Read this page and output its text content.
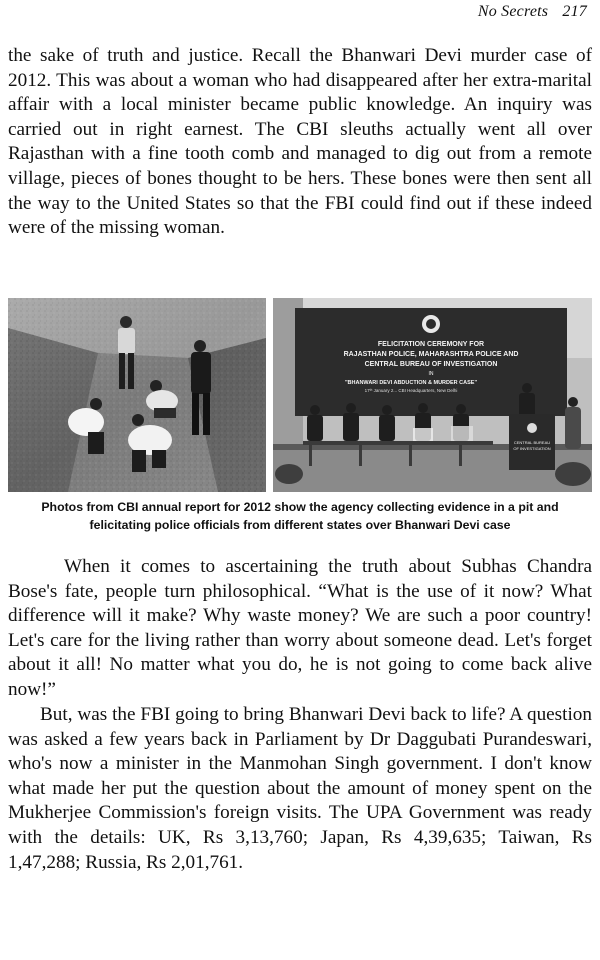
No Secrets 217

the sake of truth and justice. Recall the Bhanwari Devi murder case of 2012. This was about a woman who had disappeared after her extra-marital affair with a local minister became public knowledge. An inquiry was carried out in right earnest. The CBI sleuths actually went all over Rajasthan with a fine tooth comb and managed to dig out from a remote village, pieces of bones thought to be hers. These bones were then sent all the way to the United States so that the FBI could find out if these indeed were of the missing woman.

FELICITATION CEREMONY FOR
RAJASTHAN POLICE, MAHARASHTRA POLICE AND
CENTRAL BUREAU OF INVESTIGATION
IN
"BHANWARI DEVI ABDUCTION & MURDER CASE"
17ᵗʰ January 2... CBI Headquarters, New Delhi
CENTRAL BUREAU
OF INVESTIGATION

Photos from CBI annual report for 2012 show the agency collecting evidence in a pit and
felicitating police officials from different states over Bhanwari Devi case

When it comes to ascertaining the truth about Subhas Chandra Bose's fate, people turn philosophical. “What is the use of it now? What difference will it make? Why waste money? We are such a poor country! Let's care for the living rather than worry about someone dead. Let's forget about it all! No matter what you do, he is not going to come back alive now!”

But, was the FBI going to bring Bhanwari Devi back to life? A question was asked a few years back in Parliament by Dr Daggubati Purandeswari, who's now a minister in the Manmohan Singh government. I don't know what made her put the question about the amount of money spent on the Mukherjee Commission's foreign visits. The UPA Government was ready with the details: UK, Rs 3,13,760; Japan, Rs 4,39,635; Taiwan, Rs 1,47,288; Russia, Rs 2,01,761.
